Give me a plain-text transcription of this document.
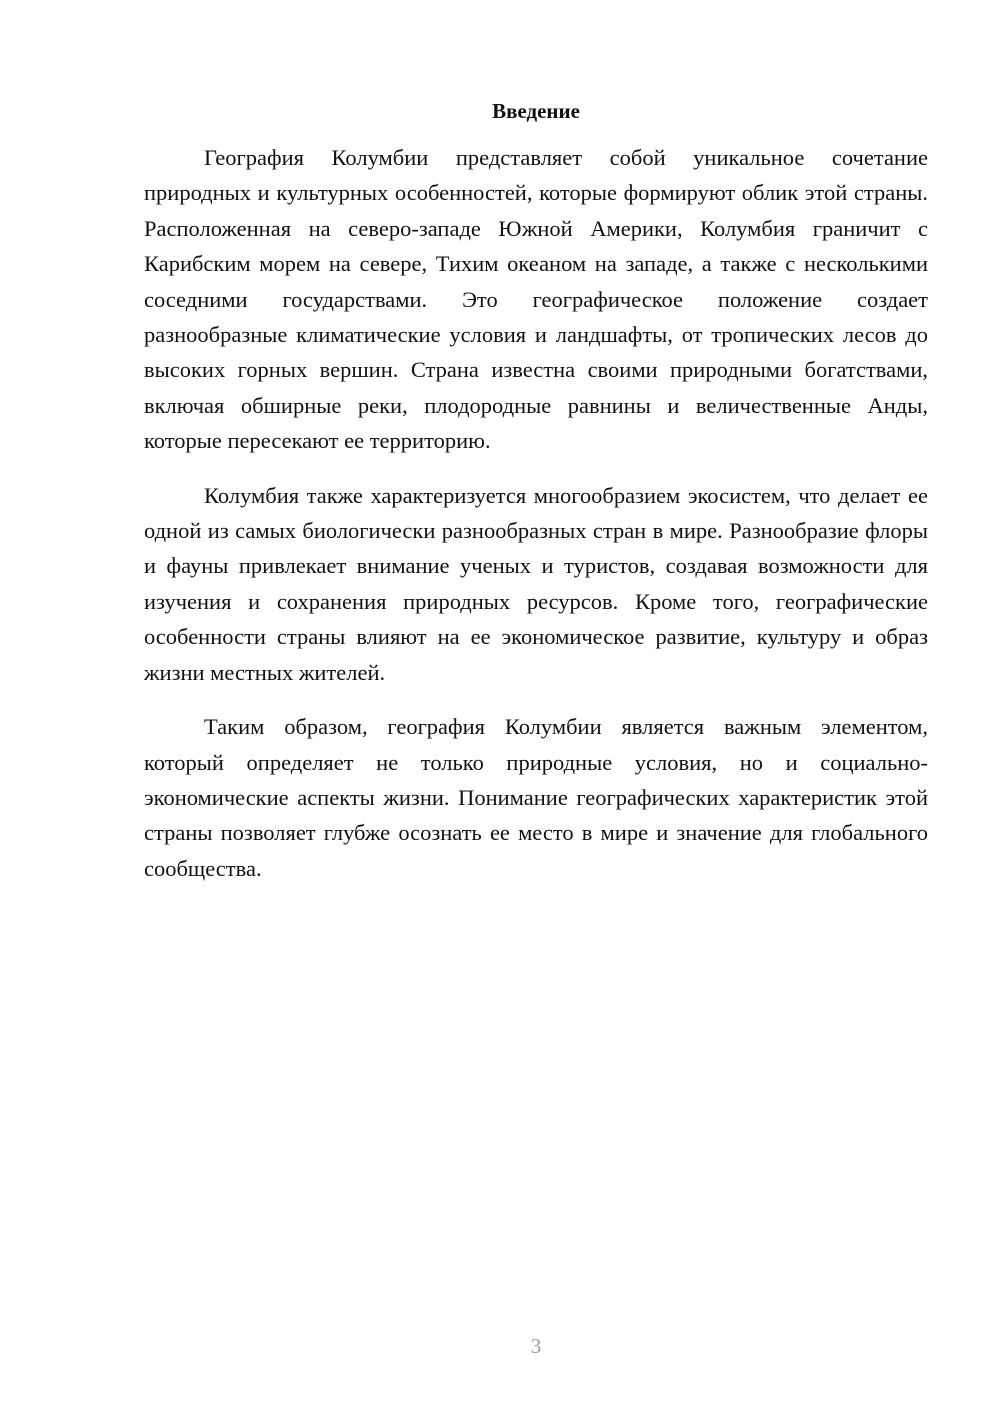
Введение

География Колумбии представляет собой уникальное сочетание природных и культурных особенностей, которые формируют облик этой страны. Расположенная на северо-западе Южной Америки, Колумбия граничит с Карибским морем на севере, Тихим океаном на западе, а также с несколькими соседними государствами. Это географическое положение создает разнообразные климатические условия и ландшафты, от тропических лесов до высоких горных вершин. Страна известна своими природными богатствами, включая обширные реки, плодородные равнины и величественные Анды, которые пересекают ее территорию.

Колумбия также характеризуется многообразием экосистем, что делает ее одной из самых биологически разнообразных стран в мире. Разнообразие флоры и фауны привлекает внимание ученых и туристов, создавая возможности для изучения и сохранения природных ресурсов. Кроме того, географические особенности страны влияют на ее экономическое развитие, культуру и образ жизни местных жителей.

Таким образом, география Колумбии является важным элементом, который определяет не только природные условия, но и социально-экономические аспекты жизни. Понимание географических характеристик этой страны позволяет глубже осознать ее место в мире и значение для глобального сообщества.

3
